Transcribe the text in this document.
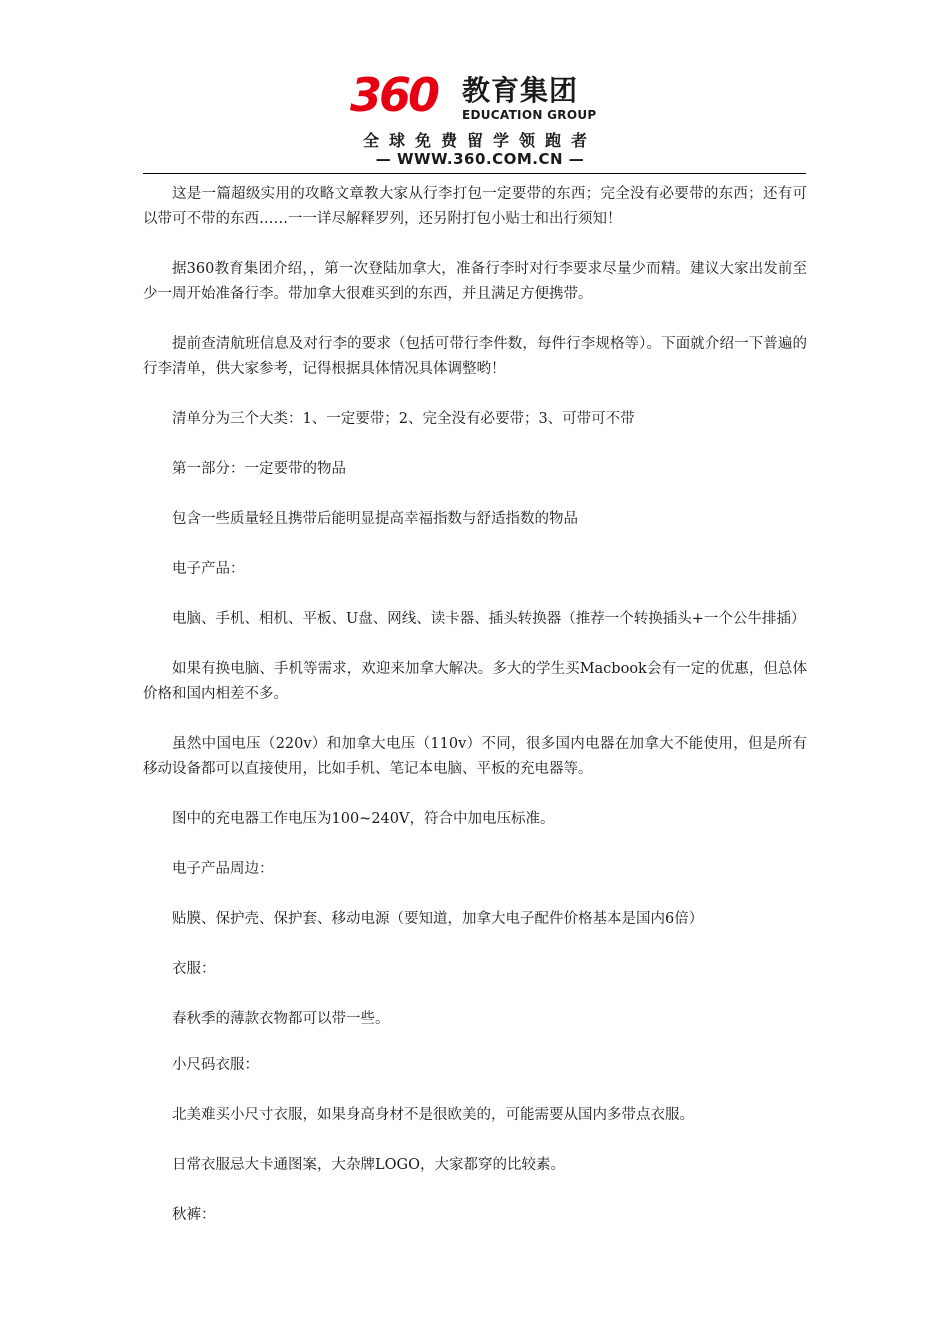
360 教育集团
EDUCATION GROUP
全球免费留学领跑者
— WWW.360.COM.CN —

这是一篇超级实用的攻略文章教大家从行李打包一定要带的东西；完全没有必要带的东西；还有可以带可不带的东西……一一详尽解释罗列，还另附打包小贴士和出行须知！

据360教育集团介绍，，第一次登陆加拿大，准备行李时对行李要求尽量少而精。建议大家出发前至少一周开始准备行李。带加拿大很难买到的东西，并且满足方便携带。

提前查清航班信息及对行李的要求（包括可带行李件数，每件行李规格等）。下面就介绍一下普遍的行李清单，供大家参考，记得根据具体情况具体调整哟！

清单分为三个大类：1、一定要带；2、完全没有必要带；3、可带可不带

第一部分：一定要带的物品

包含一些质量轻且携带后能明显提高幸福指数与舒适指数的物品

电子产品：

电脑、手机、相机、平板、U盘、网线、读卡器、插头转换器（推荐一个转换插头+一个公牛排插）

如果有换电脑、手机等需求，欢迎来加拿大解决。多大的学生买Macbook会有一定的优惠，但总体价格和国内相差不多。

虽然中国电压（220v）和加拿大电压（110v）不同，很多国内电器在加拿大不能使用，但是所有移动设备都可以直接使用，比如手机、笔记本电脑、平板的充电器等。

图中的充电器工作电压为100~240V，符合中加电压标准。

电子产品周边：

贴膜、保护壳、保护套、移动电源（要知道，加拿大电子配件价格基本是国内6倍）

衣服：

春秋季的薄款衣物都可以带一些。

小尺码衣服：

北美难买小尺寸衣服，如果身高身材不是很欧美的，可能需要从国内多带点衣服。

日常衣服忌大卡通图案，大杂牌LOGO，大家都穿的比较素。

秋裤：
